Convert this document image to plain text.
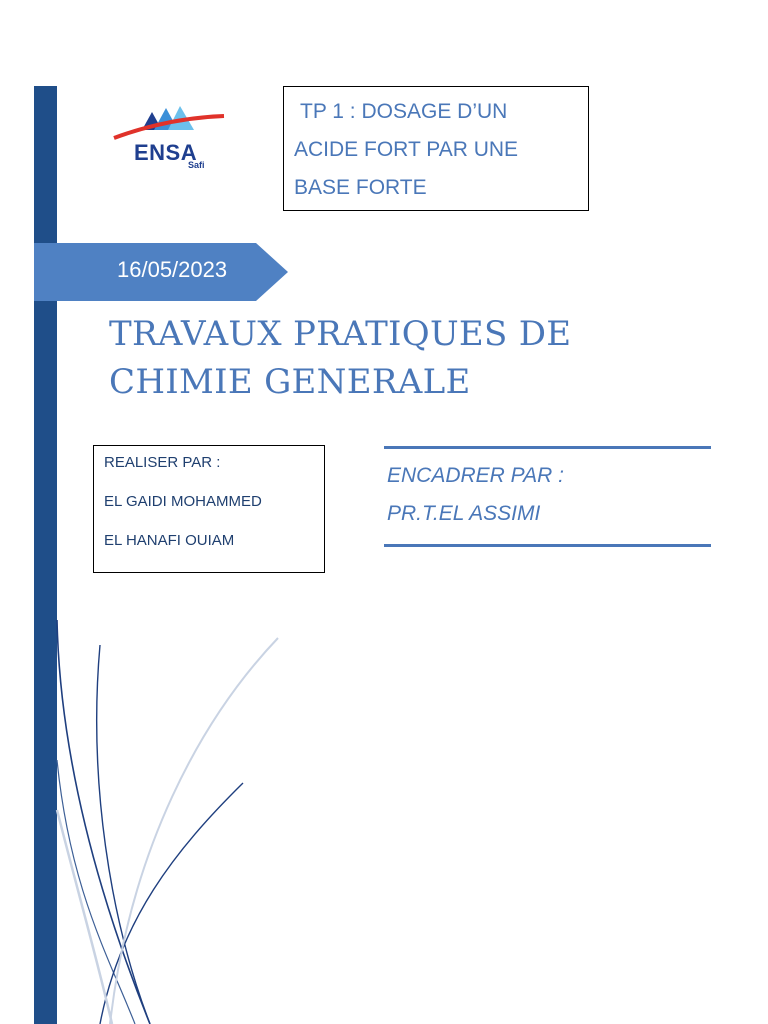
ENSA
Safi
TP 1 : DOSAGE D’UN
ACIDE FORT PAR UNE
BASE FORTE
16/05/2023
TRAVAUX PRATIQUES DE
CHIMIE GENERALE
REALISER PAR :
EL GAIDI MOHAMMED
EL HANAFI OUIAM
ENCADRER PAR :
PR.T.EL ASSIMI
